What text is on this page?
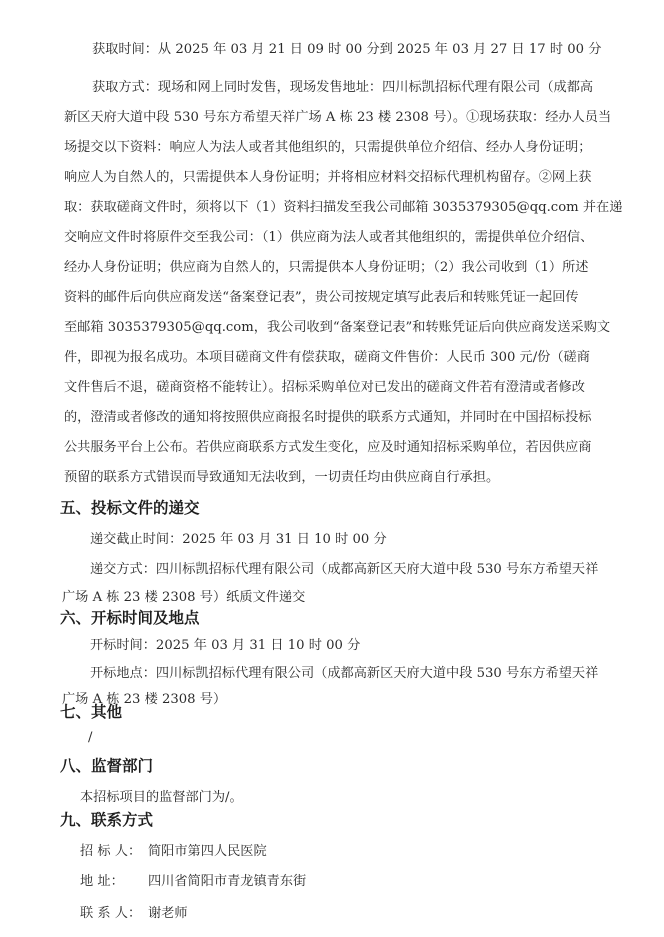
获取时间：从 2025 年 03 月 21 日 09 时 00 分到 2025 年 03 月 27 日 17 时 00 分
获取方式：现场和网上同时发售，现场发售地址：四川标凯招标代理有限公司（成都高
新区天府大道中段 530 号东方希望天祥广场 A 栋 23 楼 2308 号）。①现场获取：经办人员当
场提交以下资料：响应人为法人或者其他组织的，只需提供单位介绍信、经办人身份证明；
响应人为自然人的，只需提供本人身份证明；并将相应材料交招标代理机构留存。②网上获
取：获取磋商文件时，须将以下（1）资料扫描发至我公司邮箱 3035379305@qq.com 并在递
交响应文件时将原件交至我公司：（1）供应商为法人或者其他组织的，需提供单位介绍信、
经办人身份证明；供应商为自然人的，只需提供本人身份证明；（2）我公司收到（1）所述
资料的邮件后向供应商发送“备案登记表”，贵公司按规定填写此表后和转账凭证一起回传
至邮箱 3035379305@qq.com，我公司收到“备案登记表”和转账凭证后向供应商发送采购文
件，即视为报名成功。本项目磋商文件有偿获取，磋商文件售价：人民币 300 元/份（磋商
文件售后不退，磋商资格不能转让）。招标采购单位对已发出的磋商文件若有澄清或者修改
的，澄清或者修改的通知将按照供应商报名时提供的联系方式通知，并同时在中国招标投标
公共服务平台上公布。若供应商联系方式发生变化，应及时通知招标采购单位，若因供应商
预留的联系方式错误而导致通知无法收到，一切责任均由供应商自行承担。
五、投标文件的递交
递交截止时间：2025 年 03 月 31 日 10 时 00 分
递交方式：四川标凯招标代理有限公司（成都高新区天府大道中段 530 号东方希望天祥
广场 A 栋 23 楼 2308 号）纸质文件递交
六、开标时间及地点
开标时间：2025 年 03 月 31 日 10 时 00 分
开标地点：四川标凯招标代理有限公司（成都高新区天府大道中段 530 号东方希望天祥
广场 A 栋 23 楼 2308 号）
七、其他
/
八、监督部门
本招标项目的监督部门为/。
九、联系方式
招 标 人： 简阳市第四人民医院
地 址： 四川省简阳市青龙镇青东街
联 系 人： 谢老师
